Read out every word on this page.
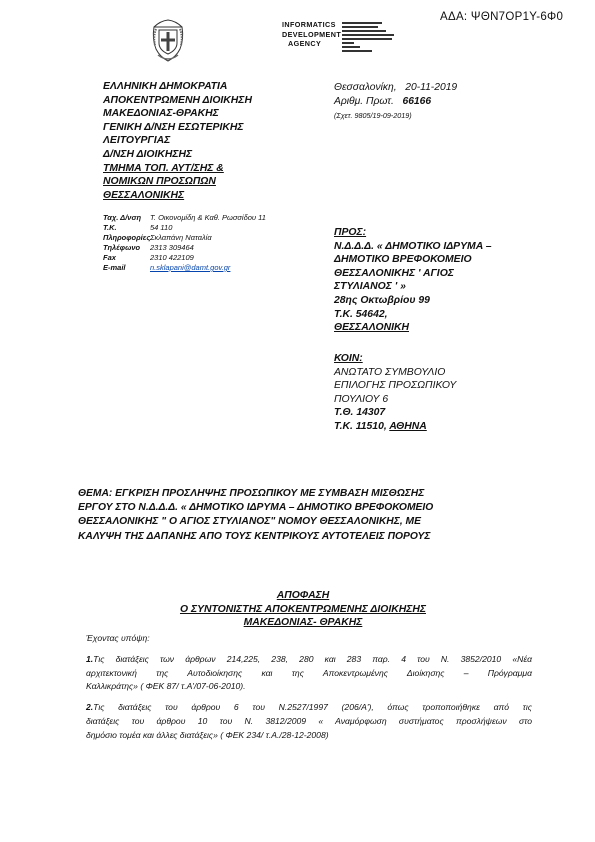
ΑΔΑ: ΨΘΝ7ΟΡ1Υ-6Φ0
INFORMATICS
DEVELOPMENT
AGENCY
ΕΛΛΗΝΙΚΗ ΔΗΜΟΚΡΑΤΙΑ
ΑΠΟΚΕΝΤΡΩΜΕΝΗ ΔΙΟΙΚΗΣΗ
ΜΑΚΕΔΟΝΙΑΣ-ΘΡΑΚΗΣ
ΓΕΝΙΚΗ Δ/ΝΣΗ ΕΣΩΤΕΡΙΚΗΣ
ΛΕΙΤΟΥΡΓΙΑΣ
Δ/ΝΣΗ ΔΙΟΙΚΗΣΗΣ
ΤΜΗΜΑ ΤΟΠ. ΑΥΤ/ΣΗΣ &
ΝΟΜΙΚΩΝ ΠΡΟΣΩΠΩΝ
ΘΕΣΣΑΛΟΝΙΚΗΣ
Θεσσαλονίκη, 20-11-2019
Αριθμ. Πρωτ. 66166
(Σχετ. 9805/19-09-2019)
Ταχ. Δ/νση	Τ. Οικονομίδη & Καθ. Ρωσσίδου 11
Τ.Κ.	54 110
Πληροφορίες Σκλαπάνη Ναταλία
Τηλέφωνο	2313 309464
Fax	2310 422109
E-mail	n.sklapani@damt.gov.gr
ΠΡΟΣ:
Ν.Δ.Δ.Δ. « ΔΗΜΟΤΙΚΟ ΙΔΡΥΜΑ –
ΔΗΜΟΤΙΚΟ ΒΡΕΦΟΚΟΜΕΙΟ
ΘΕΣΣΑΛΟΝΙΚΗΣ ' ΑΓΙΟΣ
ΣΤΥΛΙΑΝΟΣ ' »
28ης Οκτωβρίου 99
Τ.Κ. 54642,
ΘΕΣΣΑΛΟΝΙΚΗ
ΚΟΙΝ:
ΑΝΩΤΑΤΟ ΣΥΜΒΟΥΛΙΟ
ΕΠΙΛΟΓΗΣ ΠΡΟΣΩΠΙΚΟΥ
ΠΟΥΛΙΟΥ 6
Τ.Θ. 14307
Τ.Κ. 11510, ΑΘΗΝΑ
ΘΕΜΑ: ΕΓΚΡΙΣΗ ΠΡΟΣΛΗΨΗΣ ΠΡΟΣΩΠΙΚΟΥ ΜΕ ΣΥΜΒΑΣΗ ΜΙΣΘΩΣΗΣ
ΕΡΓΟΥ ΣΤΟ Ν.Δ.Δ.Δ. « ΔΗΜΟΤΙΚΟ ΙΔΡΥΜΑ – ΔΗΜΟΤΙΚΟ ΒΡΕΦΟΚΟΜΕΙΟ
ΘΕΣΣΑΛΟΝΙΚΗΣ " Ο ΑΓΙΟΣ ΣΤΥΛΙΑΝΟΣ" ΝΟΜΟΥ ΘΕΣΣΑΛΟΝΙΚΗΣ, ΜΕ
ΚΑΛΥΨΗ ΤΗΣ ΔΑΠΑΝΗΣ ΑΠΟ ΤΟΥΣ ΚΕΝΤΡΙΚΟΥΣ ΑΥΤΟΤΕΛΕΙΣ ΠΟΡΟΥΣ
ΑΠΟΦΑΣΗ
Ο ΣΥΝΤΟΝΙΣΤΗΣ ΑΠΟΚΕΝΤΡΩΜΕΝΗΣ ΔΙΟΙΚΗΣΗΣ
ΜΑΚΕΔΟΝΙΑΣ- ΘΡΑΚΗΣ

Έχοντας υπόψη:

1.Τις διατάξεις των άρθρων 214,225, 238, 280 και 283 παρ. 4 του Ν. 3852/2010 «Νέα
αρχιτεκτονική της Αυτοδιοίκησης και της Αποκεντρωμένης Διοίκησης – Πρόγραμμα
Καλλικράτης» ( ΦΕΚ 87/ τ.Α'/07-06-2010).
2.Τις διατάξεις του άρθρου 6 του Ν.2527/1997 (206/Α'), όπως τροποποιήθηκε από τις
διατάξεις του άρθρου 10 του Ν. 3812/2009 « Αναμόρφωση συστήματος προσλήψεων στο
δημόσιο τομέα και άλλες διατάξεις» ( ΦΕΚ 234/ τ.Α./28-12-2008)
